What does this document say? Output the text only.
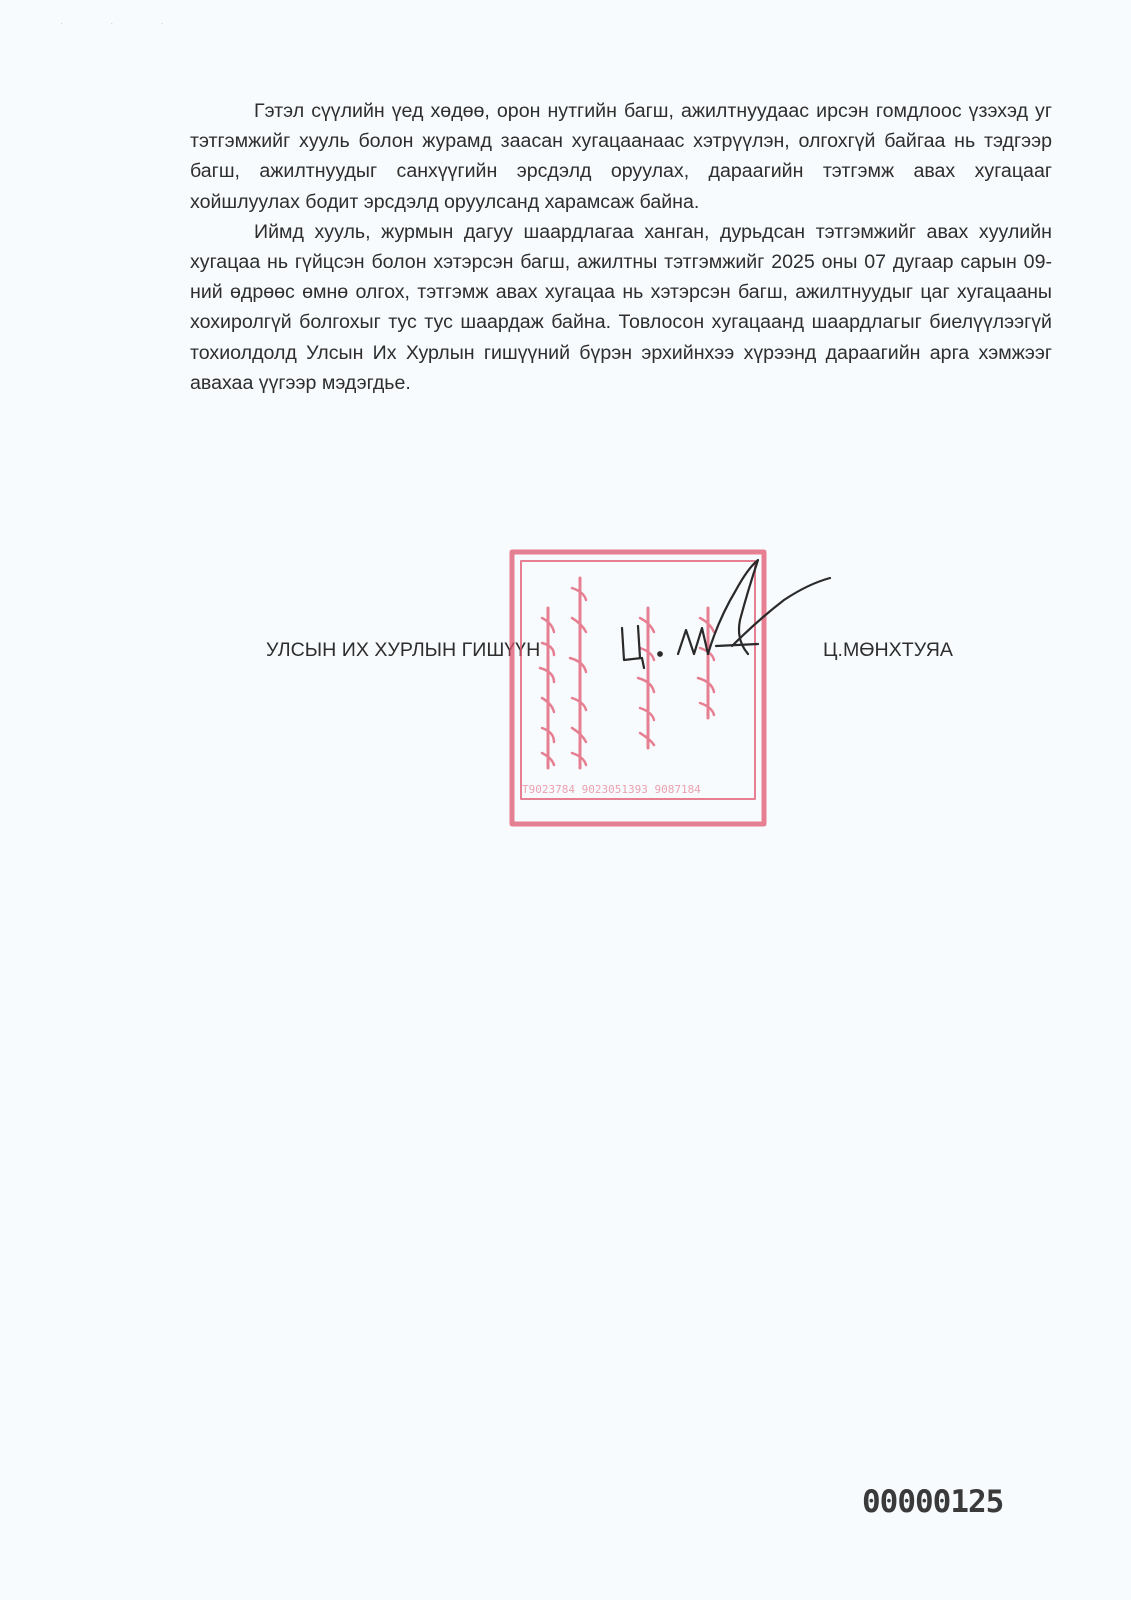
· · ·

Гэтэл сүүлийн үед хөдөө, орон нутгийн багш, ажилтнуудаас ирсэн гомдлоос үзэхэд уг тэтгэмжийг хууль болон журамд заасан хугацаанаас хэтрүүлэн, олгохгүй байгаа нь тэдгээр багш, ажилтнуудыг санхүүгийн эрсдэлд оруулах, дараагийн тэтгэмж авах хугацааг хойшлуулах бодит эрсдэлд оруулсанд харамсаж байна.

Иймд хууль, журмын дагуу шаардлагаа ханган, дурьдсан тэтгэмжийг авах хуулийн хугацаа нь гүйцсэн болон хэтэрсэн багш, ажилтны тэтгэмжийг 2025 оны 07 дугаар сарын 09-ний өдрөөс өмнө олгох, тэтгэмж авах хугацаа нь хэтэрсэн багш, ажилтнуудыг цаг хугацааны хохиролгүй болгохыг тус тус шаардаж байна. Товлосон хугацаанд шаардлагыг биелүүлээгүй тохиолдолд Улсын Их Хурлын гишүүний бүрэн эрхийнхээ хүрээнд дараагийн арга хэмжээг авахаа үүгээр мэдэгдье.

УЛСЫН ИХ ХУРЛЫН ГИШҮҮН
T9023784 9023051393 9087184
Ц.МӨНХТУЯА
00000125
